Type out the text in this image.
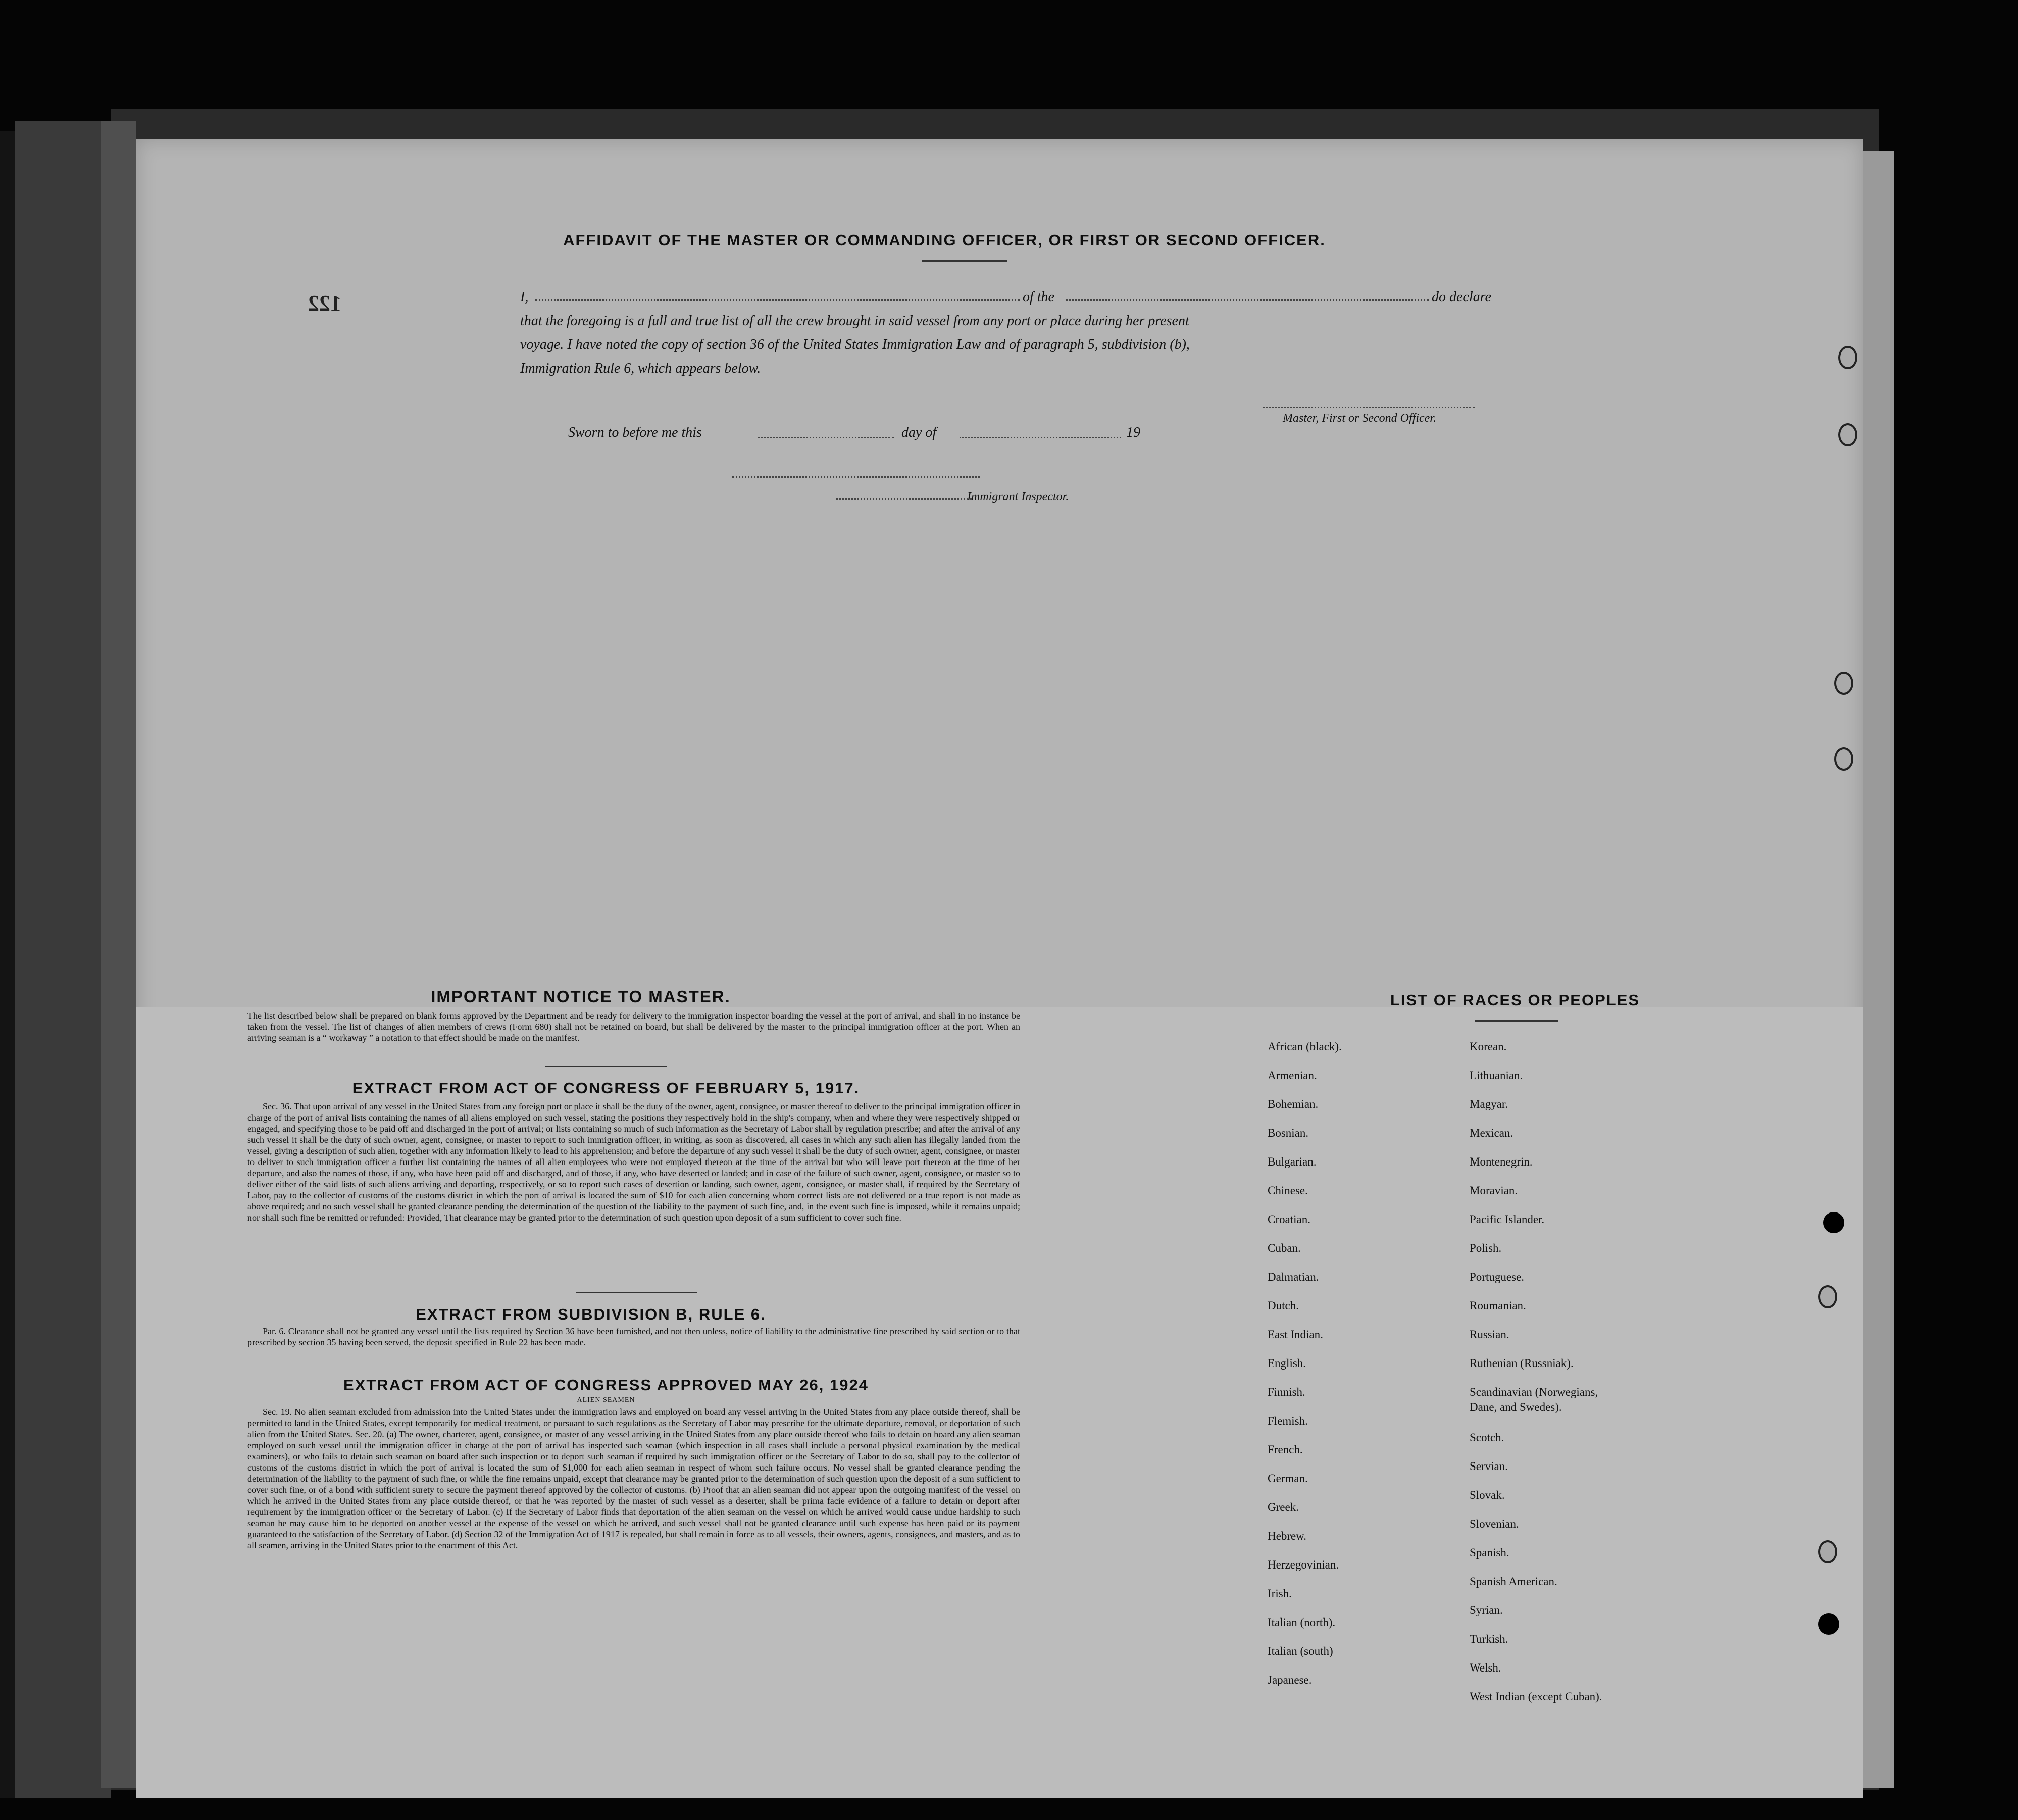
AFFIDAVIT OF THE MASTER OR COMMANDING OFFICER, OR FIRST OR SECOND OFFICER.
122	I,	of the	do declare
that the foregoing is a full and true list of all the crew brought in said vessel from any port or place during her present
voyage. I have noted the copy of section 36 of the United States Immigration Law and of paragraph 5, subdivision (b),
Immigration Rule 6, which appears below.
Master, First or Second Officer.
Sworn to before me this	day of	19
Immigrant Inspector.
IMPORTANT NOTICE TO MASTER.
The list described below shall be prepared on blank forms approved by the Department and be ready for delivery to the immigration inspector boarding the vessel at the port of arrival, and shall in no instance be taken from the vessel. The list of changes of alien members of crews (Form 680) shall not be retained on board, but shall be delivered by the master to the principal immigration officer at the port. When an arriving seaman is a “ workaway ” a notation to that effect should be made on the manifest.
EXTRACT FROM ACT OF CONGRESS OF FEBRUARY 5, 1917.
Sec. 36. That upon arrival of any vessel in the United States from any foreign port or place it shall be the duty of the owner, agent, consignee, or master thereof to deliver to the principal immigration officer in charge of the port of arrival lists containing the names of all aliens employed on such vessel, stating the positions they respectively hold in the ship's company, when and where they were respectively shipped or engaged, and specifying those to be paid off and discharged in the port of arrival; or lists containing so much of such information as the Secretary of Labor shall by regulation prescribe; and after the arrival of any such vessel it shall be the duty of such owner, agent, consignee, or master to report to such immigration officer, in writing, as soon as discovered, all cases in which any such alien has illegally landed from the vessel, giving a description of such alien, together with any information likely to lead to his apprehension; and before the departure of any such vessel it shall be the duty of such owner, agent, consignee, or master to deliver to such immigration officer a further list containing the names of all alien employees who were not employed thereon at the time of the arrival but who will leave port thereon at the time of her departure, and also the names of those, if any, who have been paid off and discharged, and of those, if any, who have deserted or landed; and in case of the failure of such owner, agent, consignee, or master so to deliver either of the said lists of such aliens arriving and departing, respectively, or so to report such cases of desertion or landing, such owner, agent, consignee, or master shall, if required by the Secretary of Labor, pay to the collector of customs of the customs district in which the port of arrival is located the sum of $10 for each alien concerning whom correct lists are not delivered or a true report is not made as above required; and no such vessel shall be granted clearance pending the determination of the question of the liability to the payment of such fine, and, in the event such fine is imposed, while it remains unpaid; nor shall such fine be remitted or refunded: Provided, That clearance may be granted prior to the determination of such question upon deposit of a sum sufficient to cover such fine.
EXTRACT FROM SUBDIVISION B, RULE 6.
Par. 6. Clearance shall not be granted any vessel until the lists required by Section 36 have been furnished, and not then unless, notice of liability to the administrative fine prescribed by said section or to that prescribed by section 35 having been served, the deposit specified in Rule 22 has been made.
EXTRACT FROM ACT OF CONGRESS APPROVED MAY 26, 1924
ALIEN SEAMEN
Sec. 19. No alien seaman excluded from admission into the United States under the immigration laws and employed on board any vessel arriving in the United States from any place outside thereof, shall be permitted to land in the United States, except temporarily for medical treatment, or pursuant to such regulations as the Secretary of Labor may prescribe for the ultimate departure, removal, or deportation of such alien from the United States. Sec. 20. (a) The owner, charterer, agent, consignee, or master of any vessel arriving in the United States from any place outside thereof who fails to detain on board any alien seaman employed on such vessel until the immigration officer in charge at the port of arrival has inspected such seaman (which inspection in all cases shall include a personal physical examination by the medical examiners), or who fails to detain such seaman on board after such inspection or to deport such seaman if required by such immigration officer or the Secretary of Labor to do so, shall pay to the collector of customs of the customs district in which the port of arrival is located the sum of $1,000 for each alien seaman in respect of whom such failure occurs. No vessel shall be granted clearance pending the determination of the liability to the payment of such fine, or while the fine remains unpaid, except that clearance may be granted prior to the determination of such question upon the deposit of a sum sufficient to cover such fine, or of a bond with sufficient surety to secure the payment thereof approved by the collector of customs. (b) Proof that an alien seaman did not appear upon the outgoing manifest of the vessel on which he arrived in the United States from any place outside thereof, or that he was reported by the master of such vessel as a deserter, shall be prima facie evidence of a failure to detain or deport after requirement by the immigration officer or the Secretary of Labor. (c) If the Secretary of Labor finds that deportation of the alien seaman on the vessel on which he arrived would cause undue hardship to such seaman he may cause him to be deported on another vessel at the expense of the vessel on which he arrived, and such vessel shall not be granted clearance until such expense has been paid or its payment guaranteed to the satisfaction of the Secretary of Labor. (d) Section 32 of the Immigration Act of 1917 is repealed, but shall remain in force as to all vessels, their owners, agents, consignees, and masters, and as to all seamen, arriving in the United States prior to the enactment of this Act.
LIST OF RACES OR PEOPLES
African (black).
Armenian.
Bohemian.
Bosnian.
Bulgarian.
Chinese.
Croatian.
Cuban.
Dalmatian.
Dutch.
East Indian.
English.
Finnish.
Flemish.
French.
German.
Greek.
Hebrew.
Herzegovinian.
Irish.
Italian (north).
Italian (south)
Japanese.
Korean.
Lithuanian.
Magyar.
Mexican.
Montenegrin.
Moravian.
Pacific Islander.
Polish.
Portuguese.
Roumanian.
Russian.
Ruthenian (Russniak).
Scandinavian (Norwegians,
Dane, and Swedes).
Scotch.
Servian.
Slovak.
Slovenian.
Spanish.
Spanish American.
Syrian.
Turkish.
Welsh.
West Indian (except Cuban).
